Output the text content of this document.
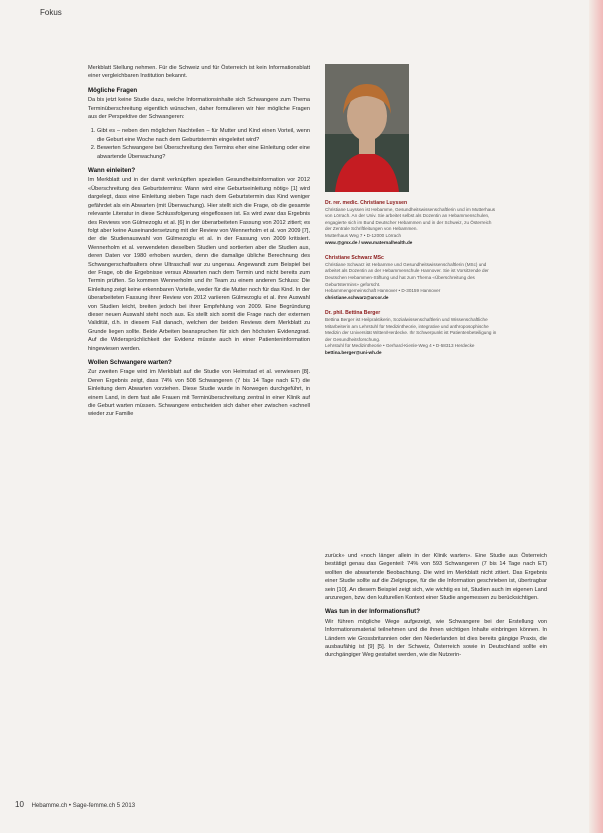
Fokus

Merkblatt Stellung nehmen. Für die Schweiz und für Österreich ist kein Informationsblatt einer vergleichbaren Institution bekannt.

Mögliche Fragen

Da bis jetzt keine Studie dazu, welche Informationsinhalte sich Schwangere zum Thema Terminüberschreitung eigentlich wünschen, daher formulieren wir hier mögliche Fragen aus der Perspektive der Schwangeren:

1. Gibt es – neben den möglichen Nachteilen – für Mutter und Kind einen Vorteil, wenn die Geburt eine Woche nach dem Geburtstermin eingeleitet wird?
2. Bewerten Schwangere bei Überschreitung des Termins eher eine Einleitung oder eine abwartende Überwachung?
Wann einleiten?

Im Merkblatt und in der damit verknüpften speziellen Gesundheitsinformation vor 2012 «Überschreitung des Geburtstermins: Wann wird eine Geburtseinleitung nötig» [1] wird dargelegt, dass eine Einleitung sieben Tage nach dem Geburtstermin das Kind weniger gefährdet als ein Abwarten (mit Überwachung). Hier stellt sich die Frage, ob die gesamte relevante Literatur in diese Schlussfolgerung eingeflossen ist. Es wird zwar das Ergebnis des Reviews von Gülmezoglu et al. [6] in der überarbeiteten Fassung von 2012 zitiert; es folgt aber keine Auseinandersetzung mit der Review von Wennerholm et al. von 2009 [7], der die Studienauswahl von Gülmezoglu et al. in der Fassung von 2009 kritisiert. Wennerholm et al. verwendeten dieselben Studien und sortierten aber die Studien aus, deren Daten vor 1980 erhoben wurden, denn die damalige übliche Berechnung des Schwangerschaftsalters ohne Ultraschall war zu ungenau. Angewandt zum Beispiel bei der Frage, ob die Ergebnisse versus Abwarten nach dem Termin und nicht bereits zum Termin prüften. So kommen Wennerholm und ihr Team zu einem anderen Schluss: Die Einleitung zeigt keine erkennbaren Vorteile, weder für die Mutter noch für das Kind. In der überarbeiteten Fassung ihrer Review von 2012 variieren Gülmezoglu et al. ihre Auswahl von Studien leicht, breiten jedoch bei ihrer Empfehlung von 2009. Eine Begründung dieser neuen Auswahl steht noch aus. Es stellt sich somit die Frage nach der externen Validität, d.h. in diesem Fall danach, welchen der beiden Reviews dem Merkblatt zu Grunde liegen sollte. Beide Arbeiten beanspruchen für sich den höchsten Evidenzgrad. Auf die Widersprüchlichkeit der Evidenz müsste auch in einer Patienteninformation hingewiesen werden.

Wollen Schwangere warten?

Zur zweiten Frage wird im Merkblatt auf die Studie von Heimstad et al. verwiesen [8]. Deren Ergebnis zeigt, dass 74% von 508 Schwangeren (7 bis 14 Tage nach ET) die Einleitung dem Abwarten vorziehen. Diese Studie wurde in Norwegen durchgeführt, in einem Land, in dem fast alle Frauen mit Terminüberschreitung zentral in einer Klinik auf die Geburt warten müssen. Schwangere entscheiden sich daher eher zwischen «schnell wieder zur Familie

Dr. rer. medic. Christiane Luyssen
Christiane Luyssen ist Hebamme, Gesundheitswissenschaftlerin und im Mutterhaus von Lörrach. An der Univ. Sie arbeitet selbst als Dozentin an Hebammenschulen, engagierte sich im Bund Deutscher Hebammen und in der Schweiz, zu Österreich der Zentrale Schriftleitungen von Hebammen.
Mutterhaus Weg 7 • D-12000 Lörrach
www.@gmx.de / www.maternalhealth.de
Christiane Schwarz MSc
Christiane Schwarz ist Hebamme und Gesundheitswissenschaftlerin (MSc) und arbeitet als Dozentin an der Hebammenschule Hannover. Sie ist Vorsitzende der Deutschen Hebammen-Stiftung und hat zum Thema «Überschreitung des Geburtstermins» geforscht.
Hebammengemeinschaft Hannover • D-30159 Hannover
christiane.schwarz@arcor.de
Dr. phil. Bettina Berger
Bettina Berger ist Heilpraktikerin, Sozialwissenschaftlerin und Wissenschaftliche Mitarbeiterin am Lehrstuhl für Medizintheorie, integrative und anthroposophische Medizin der Universität Witten/Herdecke. Ihr Schwerpunkt ist Patientenbeteiligung in der Gesundheitsforschung.
Lehrstuhl für Medizintheorie • Gerhard-Kienle-Weg 4 • D-58313 Herdecke
bettina.berger@uni-wh.de

zurück» und «noch länger allein in der Klinik warten». Eine Studie aus Österreich bestätigt genau das Gegenteil: 74% von 593 Schwangeren (7 bis 14 Tage nach ET) wollten die abwartende Beobachtung. Die wird im Merkblatt nicht zitiert. Das Ergebnis einer Studie sollte auf die Zielgruppe, für die die Information geschrieben ist, übertragbar sein [10]. An diesem Beispiel zeigt sich, wie wichtig es ist, Studien auch im eigenen Land anzuregen, bzw. den kulturellen Kontext einer Studie angemessen zu berücksichtigen.

Was tun in der Informationsflut?

Wir führen mögliche Wege aufgezeigt, wie Schwangere bei der Erstellung von Informationsmaterial teilnehmen und die ihnen wichtigen Inhalte einbringen können. In Ländern wie Grossbritannien oder den Niederlanden ist dies bereits gängige Praxis, die ausbaufähig ist [9] [5]. In der Schweiz, Österreich sowie in Deutschland sollte ein durchgängiger Weg gestaltet werden, wie die Nutzerin-

10 Hebamme.ch • Sage-femme.ch 5 2013
